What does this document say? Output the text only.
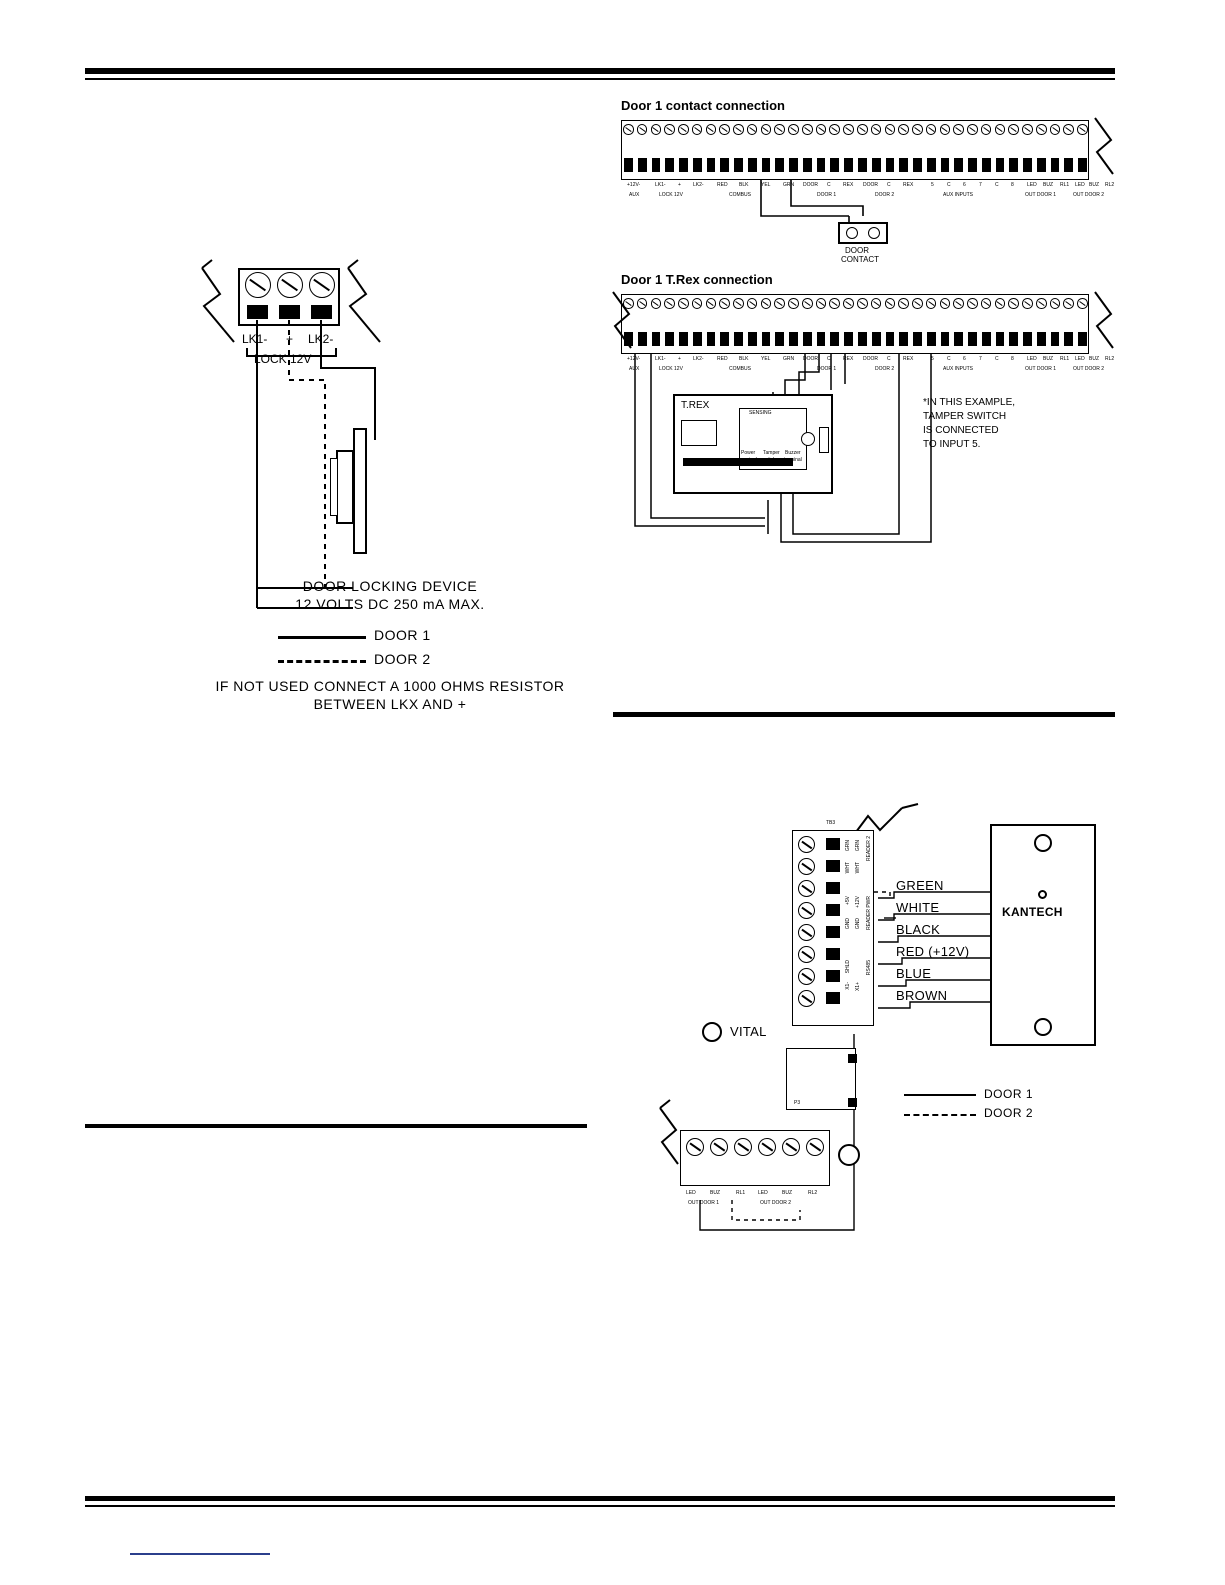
LK1- + LK2-
LOCK 12V
DOOR LOCKING DEVICE
12 VOLTS DC 250 mA MAX.
DOOR 1
DOOR 2
IF NOT USED CONNECT A 1000 OHMS RESISTOR
BETWEEN LKX AND +
Door 1 contact connection
+12V-
AUX
LK1- + LK2-
LOCK 12V
RED BLK	YEL	GRN
COMBUS
DOOR C REX DOOR C REX
DOOR 1	DOOR 2
5	C 6	7	C 8
AUX INPUTS
LED BUZ RL1
OUT DOOR 1
LED BUZ RL2
OUT DOOR 2
DOOR
CONTACT
Door 1 T.Rex connection
+12V-
AUX
LK1- + LK2-
LOCK 12V
RED BLK	YEL	GRN
COMBUS
DOOR C REX DOOR C REX
DOOR 1	DOOR 2
5	C 6	7	C 8
AUX INPUTS
LED BUZ RL1
OUT DOOR 1
LED BUZ RL2
OUT DOOR 2
T.REX
SENSING
Power Tamper Buzzer
terminal switch terminal
*IN THIS EXAMPLE,
TAMPER SWITCH
IS CONNECTED
TO INPUT 5.
TB3
GRN
WHT
GRN
WHT
READER 2
+5V
GND
+12V
GND READER PWR
SHLD
X1- X1+
RS485
KANTECH
GREEN
WHITE
BLACK
RED (+12V)
BLUE
BROWN
VITAL
P3
LED	BUZ	RL1	LED	BUZ	RL2
OUT DOOR 1	OUT DOOR 2
DOOR 1
DOOR 2
